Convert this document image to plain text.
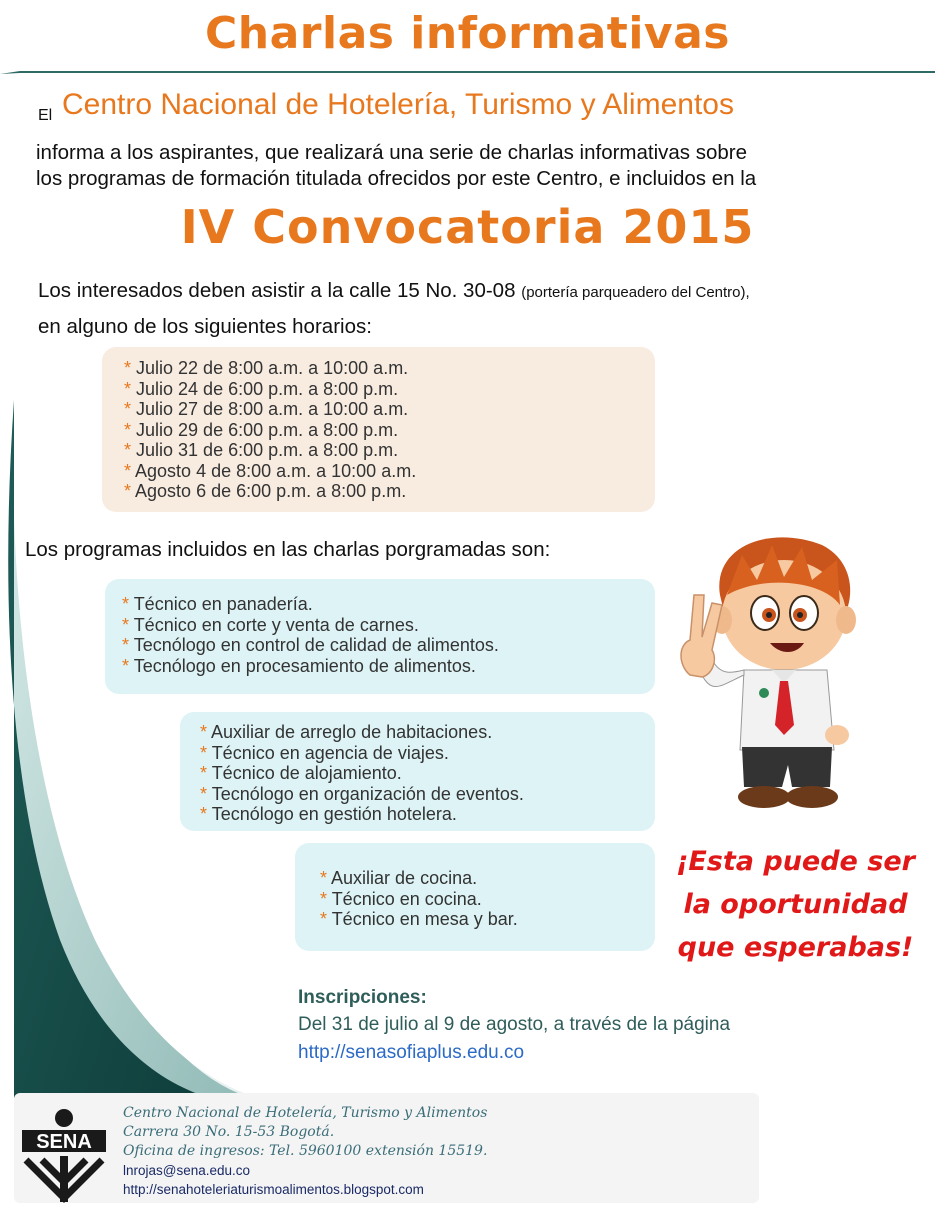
Charlas informativas
El Centro Nacional de Hotelería, Turismo y Alimentos
informa a los aspirantes, que realizará una serie de charlas informativas sobre
los programas de formación titulada ofrecidos por este Centro, e incluidos en la
IV Convocatoria 2015
Los interesados deben asistir a la calle 15 No. 30-08 (portería parqueadero del Centro),
en alguno de los siguientes horarios:
* Julio 22 de 8:00 a.m. a 10:00 a.m.
* Julio 24 de 6:00 p.m. a 8:00 p.m.
* Julio 27 de 8:00 a.m. a 10:00 a.m.
* Julio 29 de 6:00 p.m. a 8:00 p.m.
* Julio 31 de 6:00 p.m. a 8:00 p.m.
* Agosto 4 de 8:00 a.m. a 10:00 a.m.
* Agosto 6 de 6:00 p.m. a 8:00 p.m.
Los programas incluidos en las charlas porgramadas son:
* Técnico en panadería.
* Técnico en corte y venta de carnes.
* Tecnólogo en control de calidad de alimentos.
* Tecnólogo en procesamiento de alimentos.
* Auxiliar de arreglo de habitaciones.
* Técnico en agencia de viajes.
* Técnico de alojamiento.
* Tecnólogo en organización de eventos.
* Tecnólogo en gestión hotelera.
* Auxiliar de cocina.
* Técnico en cocina.
* Técnico en mesa y bar.
¡Esta puede ser
la oportunidad
que esperabas!
Inscripciones:
Del 31 de julio al 9 de agosto, a través de la página
http://senasofiaplus.edu.co
SENA
Centro Nacional de Hotelería, Turismo y Alimentos
Carrera 30 No. 15-53 Bogotá.
Oficina de ingresos: Tel. 5960100 extensión 15519.
lnrojas@sena.edu.co
http://senahoteleriaturismoalimentos.blogspot.com
